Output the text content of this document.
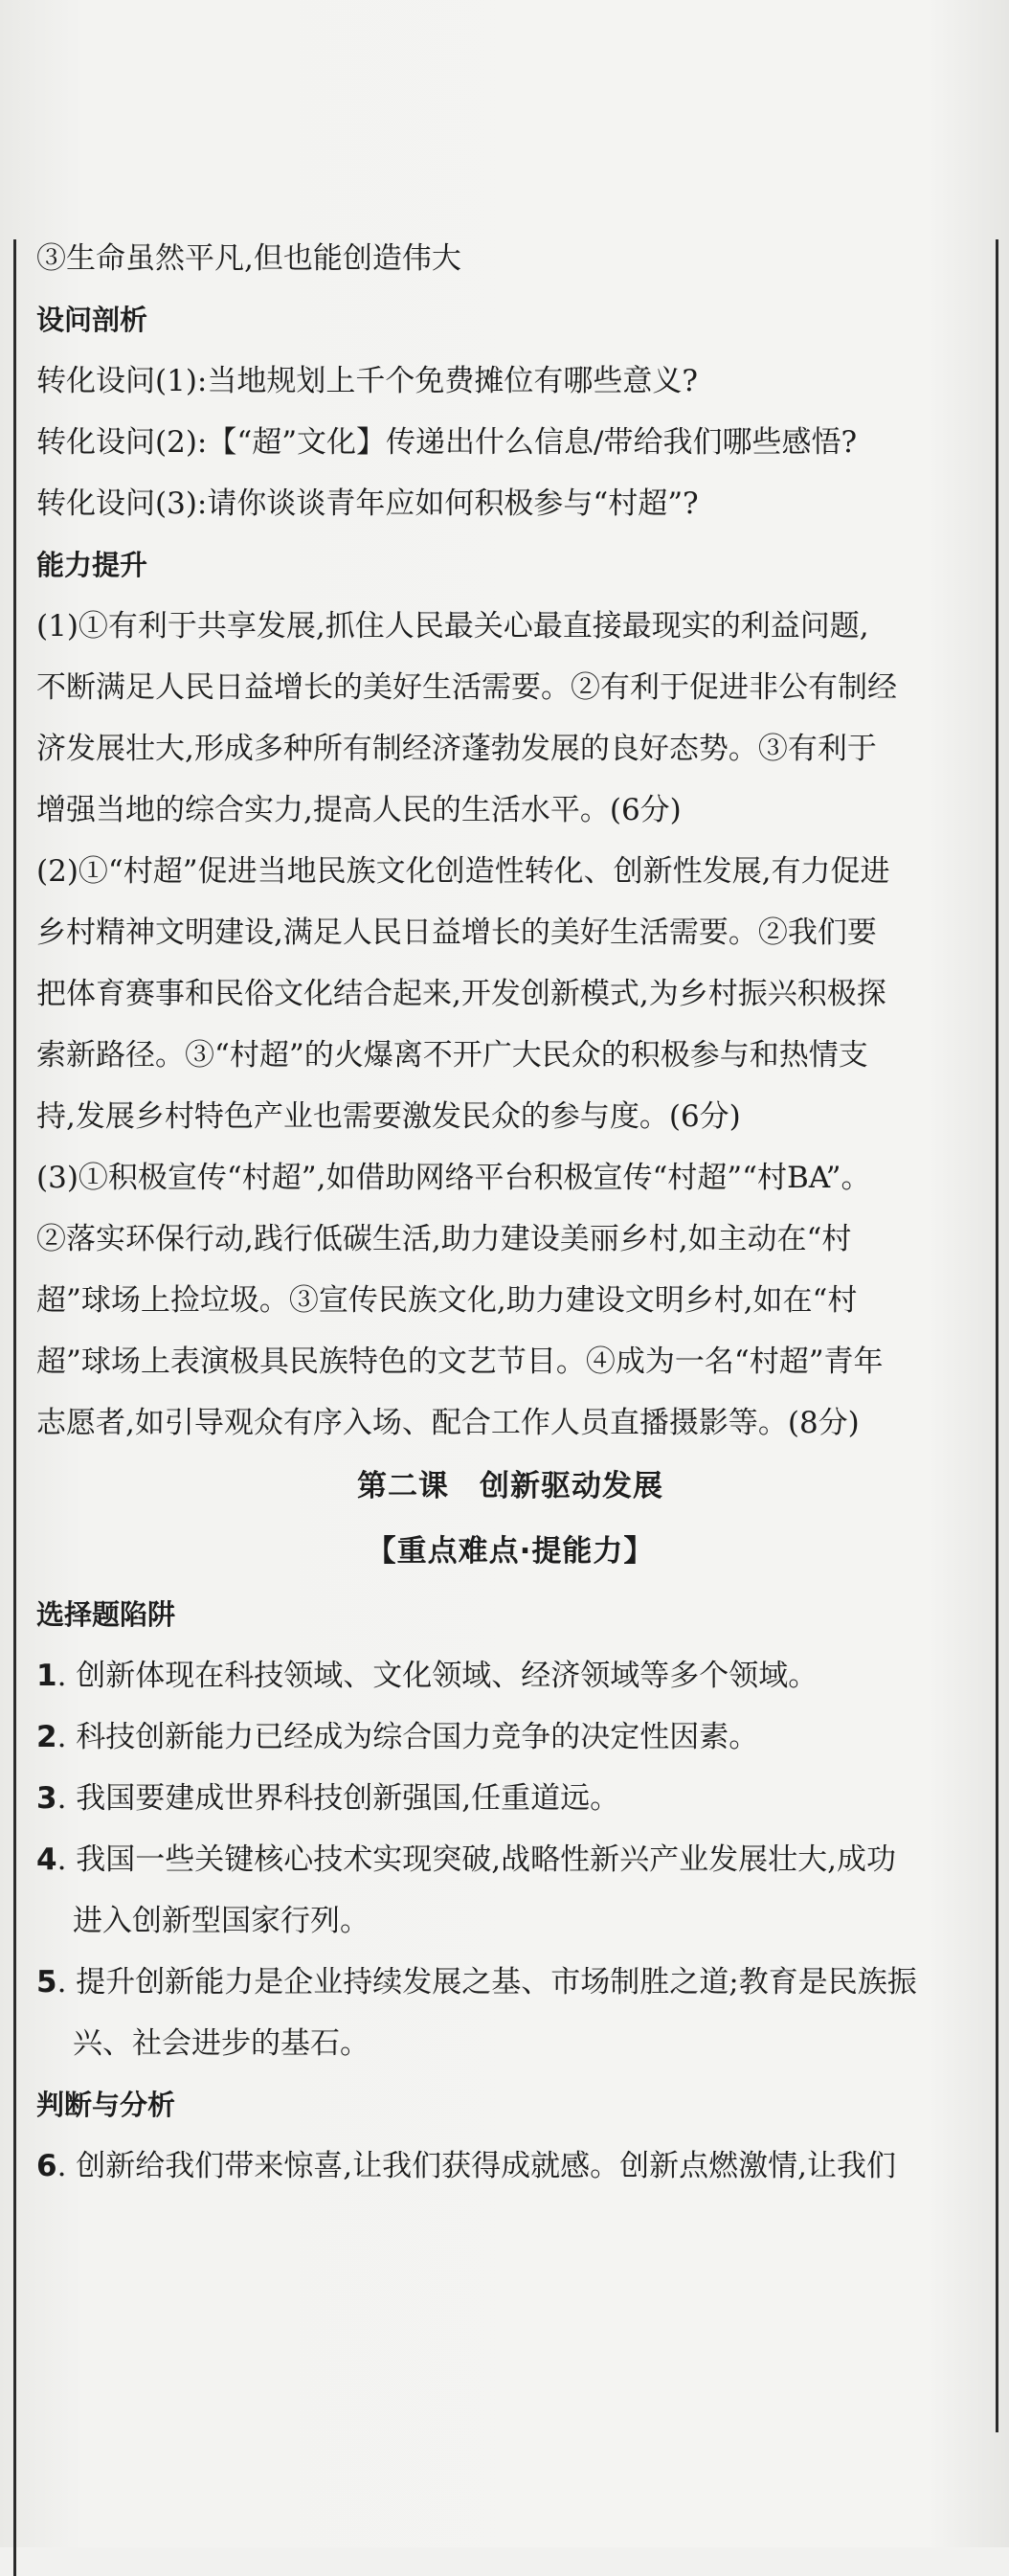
③生命虽然平凡,但也能创造伟大

设问剖析

转化设问(1):当地规划上千个免费摊位有哪些意义?

转化设问(2):【“超”文化】传递出什么信息/带给我们哪些感悟?

转化设问(3):请你谈谈青年应如何积极参与“村超”?

能力提升

(1)①有利于共享发展,抓住人民最关心最直接最现实的利益问题,

不断满足人民日益增长的美好生活需要。②有利于促进非公有制经

济发展壮大,形成多种所有制经济蓬勃发展的良好态势。③有利于

增强当地的综合实力,提高人民的生活水平。(6分)

(2)①“村超”促进当地民族文化创造性转化、创新性发展,有力促进

乡村精神文明建设,满足人民日益增长的美好生活需要。②我们要

把体育赛事和民俗文化结合起来,开发创新模式,为乡村振兴积极探

索新路径。③“村超”的火爆离不开广大民众的积极参与和热情支

持,发展乡村特色产业也需要激发民众的参与度。(6分)

(3)①积极宣传“村超”,如借助网络平台积极宣传“村超”“村BA”。

②落实环保行动,践行低碳生活,助力建设美丽乡村,如主动在“村

超”球场上捡垃圾。③宣传民族文化,助力建设文明乡村,如在“村

超”球场上表演极具民族特色的文艺节目。④成为一名“村超”青年

志愿者,如引导观众有序入场、配合工作人员直播摄影等。(8分)

第二课　创新驱动发展

【重点难点·提能力】

选择题陷阱

1. 创新体现在科技领域、文化领域、经济领域等多个领域。

2. 科技创新能力已经成为综合国力竞争的决定性因素。

3. 我国要建成世界科技创新强国,任重道远。

4. 我国一些关键核心技术实现突破,战略性新兴产业发展壮大,成功

进入创新型国家行列。

5. 提升创新能力是企业持续发展之基、市场制胜之道;教育是民族振

兴、社会进步的基石。

判断与分析

6. 创新给我们带来惊喜,让我们获得成就感。创新点燃激情,让我们
